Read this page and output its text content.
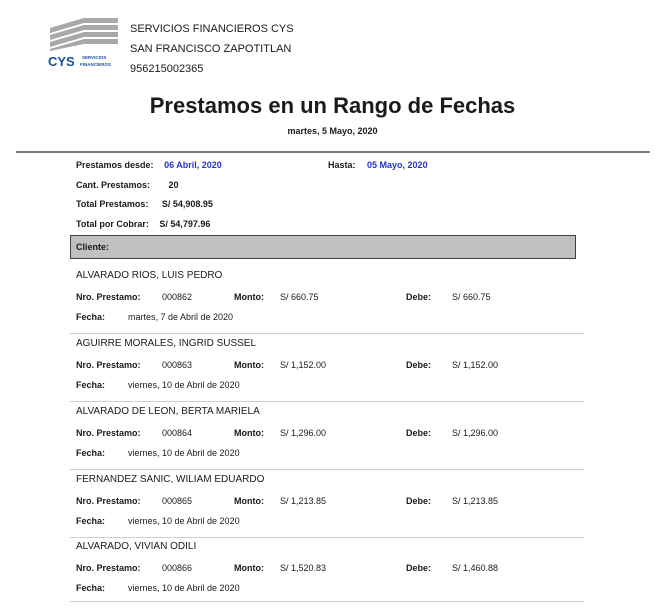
CYS SERVICIOS
FINANCIEROS
SERVICIOS FINANCIEROS CYS
SAN FRANCISCO ZAPOTITLAN
956215002365
Prestamos en un Rango de Fechas
martes, 5 Mayo, 2020
Prestamos desde: 06 Abril, 2020	Hasta: 05 Mayo, 2020
Cant. Prestamos: 20
Total Prestamos: S/ 54,908.95
Total por Cobrar: S/ 54,797.96
Cliente:
ALVARADO RIOS, LUIS PEDRO
Nro. Prestamo: 000862	Monto: S/ 660.75	Debe: S/ 660.75
Fecha:	martes, 7 de Abril de 2020
AGUIRRE MORALES, INGRID SUSSEL
Nro. Prestamo: 000863	Monto: S/ 1,152.00	Debe: S/ 1,152.00
Fecha:	viernes, 10 de Abril de 2020
ALVARADO DE LEON, BERTA MARIELA
Nro. Prestamo: 000864	Monto: S/ 1,296.00	Debe: S/ 1,296.00
Fecha:	viernes, 10 de Abril de 2020
FERNANDEZ SANIC, WILIAM EDUARDO
Nro. Prestamo: 000865	Monto: S/ 1,213.85	Debe: S/ 1,213.85
Fecha:	viernes, 10 de Abril de 2020
ALVARADO, VIVIAN ODILI
Nro. Prestamo: 000866	Monto: S/ 1,520.83	Debe: S/ 1,460.88
Fecha:	viernes, 10 de Abril de 2020
